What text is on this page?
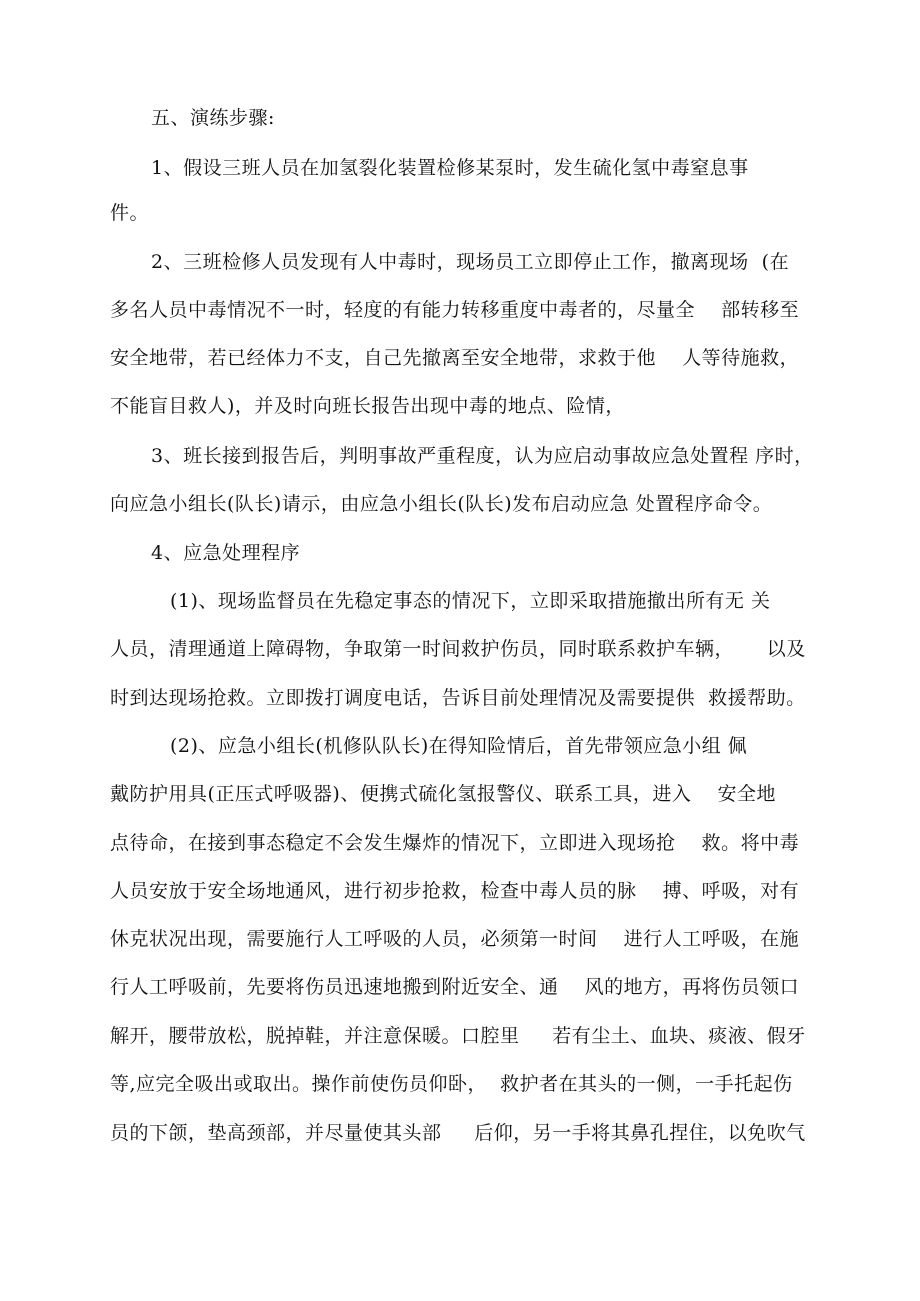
五、演练步骤:
1、假设三班人员在加氢裂化装置检修某泵时，发生硫化氢中毒窒息事
件。
2、三班检修人员发现有人中毒时，现场员工立即停止工作，撤离现场  (在
多名人员中毒情况不一时，轻度的有能力转移重度中毒者的，尽量全    部转移至
安全地带，若已经体力不支，自己先撤离至安全地带，求救于他    人等待施救，
不能盲目救人)，并及时向班长报告出现中毒的地点、险情，
3、班长接到报告后，判明事故严重程度，认为应启动事故应急处置程 序时，
向应急小组长(队长)请示，由应急小组长(队长)发布启动应急 处置程序命令。
4、应急处理程序
(1)、现场监督员在先稳定事态的情况下，立即采取措施撤出所有无 关
人员，清理通道上障碍物，争取第一时间救护伤员，同时联系救护车辆，     以及
时到达现场抢救。立即拨打调度电话，告诉目前处理情况及需要提供  救援帮助。
(2)、应急小组长(机修队队长)在得知险情后，首先带领应急小组 佩
戴防护用具(正压式呼吸器)、便携式硫化氢报警仪、联系工具，进入    安全地
点待命，在接到事态稳定不会发生爆炸的情况下，立即进入现场抢    救。将中毒
人员安放于安全场地通风，进行初步抢救，检查中毒人员的脉    搏、呼吸，对有
休克状况出现，需要施行人工呼吸的人员，必须第一时间    进行人工呼吸，在施
行人工呼吸前，先要将伤员迅速地搬到附近安全、通    风的地方，再将伤员领口
解开，腰带放松，脱掉鞋，并注意保暖。口腔里     若有尘土、血块、痰液、假牙
等,应完全吸出或取出。操作前使伤员仰卧，  救护者在其头的一侧，一手托起伤
员的下颌，垫高颈部，并尽量使其头部     后仰，另一手将其鼻孔捏住，以免吹气
